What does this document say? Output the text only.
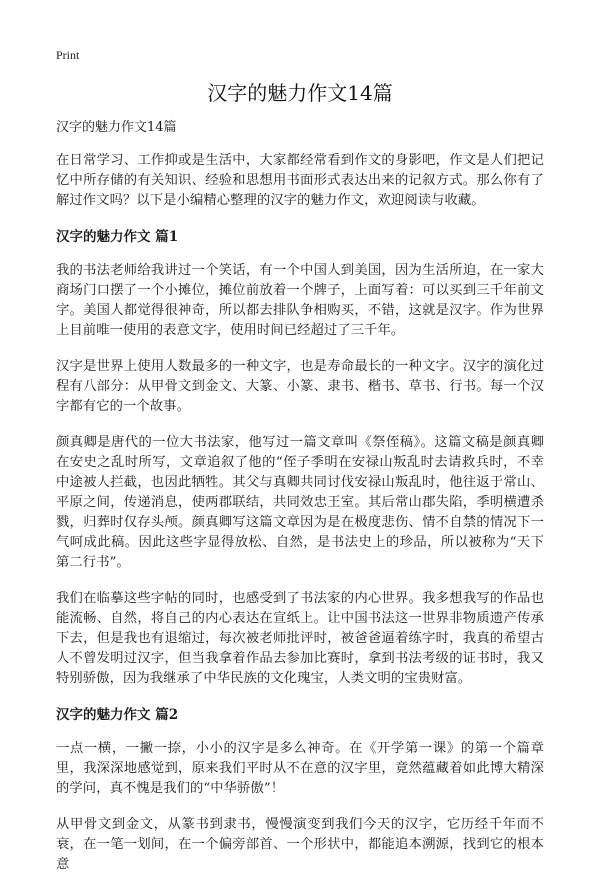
Print
汉字的魅力作文14篇
汉字的魅力作文14篇

在日常学习、工作抑或是生活中，大家都经常看到作文的身影吧，作文是人们把记忆中所存储的有关知识、经验和思想用书面形式表达出来的记叙方式。那么你有了解过作文吗？以下是小编精心整理的汉字的魅力作文，欢迎阅读与收藏。

汉字的魅力作文 篇1

我的书法老师给我讲过一个笑话，有一个中国人到美国，因为生活所迫，在一家大商场门口摆了一个小摊位，摊位前放着一个牌子，上面写着：可以买到三千年前文字。美国人都觉得很神奇，所以都去排队争相购买，不错，这就是汉字。作为世界上目前唯一使用的表意文字，使用时间已经超过了三千年。

汉字是世界上使用人数最多的一种文字，也是寿命最长的一种文字。汉字的演化过程有八部分：从甲骨文到金文、大篆、小篆、隶书、楷书、草书、行书。每一个汉字都有它的一个故事。

颜真卿是唐代的一位大书法家，他写过一篇文章叫《祭侄稿》。这篇文稿是颜真卿在安史之乱时所写，文章追叙了他的“侄子季明在安禄山叛乱时去请救兵时，不幸中途被人拦截，也因此牺牲。其父与真卿共同讨伐安禄山叛乱时，他往返于常山、平原之间，传递消息，使两郡联结，共同效忠王室。其后常山郡失陷，季明横遭杀戮，归葬时仅存头颅。颜真卿写这篇文章因为是在极度悲伤、情不自禁的情况下一气呵成此稿。因此这些字显得放松、自然，是书法史上的珍品，所以被称为“天下第二行书”。

我们在临摹这些字帖的同时，也感受到了书法家的内心世界。我多想我写的作品也能流畅、自然，将自己的内心表达在宣纸上。让中国书法这一世界非物质遗产传承下去，但是我也有退缩过，每次被老师批评时，被爸爸逼着练字时，我真的希望古人不曾发明过汉字，但当我拿着作品去参加比赛时，拿到书法考级的证书时，我又特别骄傲，因为我继承了中华民族的文化瑰宝，人类文明的宝贵财富。

汉字的魅力作文 篇2

一点一横，一撇一捺，小小的汉字是多么神奇。在《开学第一课》的第一个篇章里，我深深地感觉到，原来我们平时从不在意的汉字里，竟然蕴藏着如此博大精深的学问，真不愧是我们的“中华骄傲”！

从甲骨文到金文，从篆书到隶书，慢慢演变到我们今天的汉字，它历经千年而不衰，在一笔一划间，在一个偏旁部首、一个形状中，都能追本溯源，找到它的根本意
